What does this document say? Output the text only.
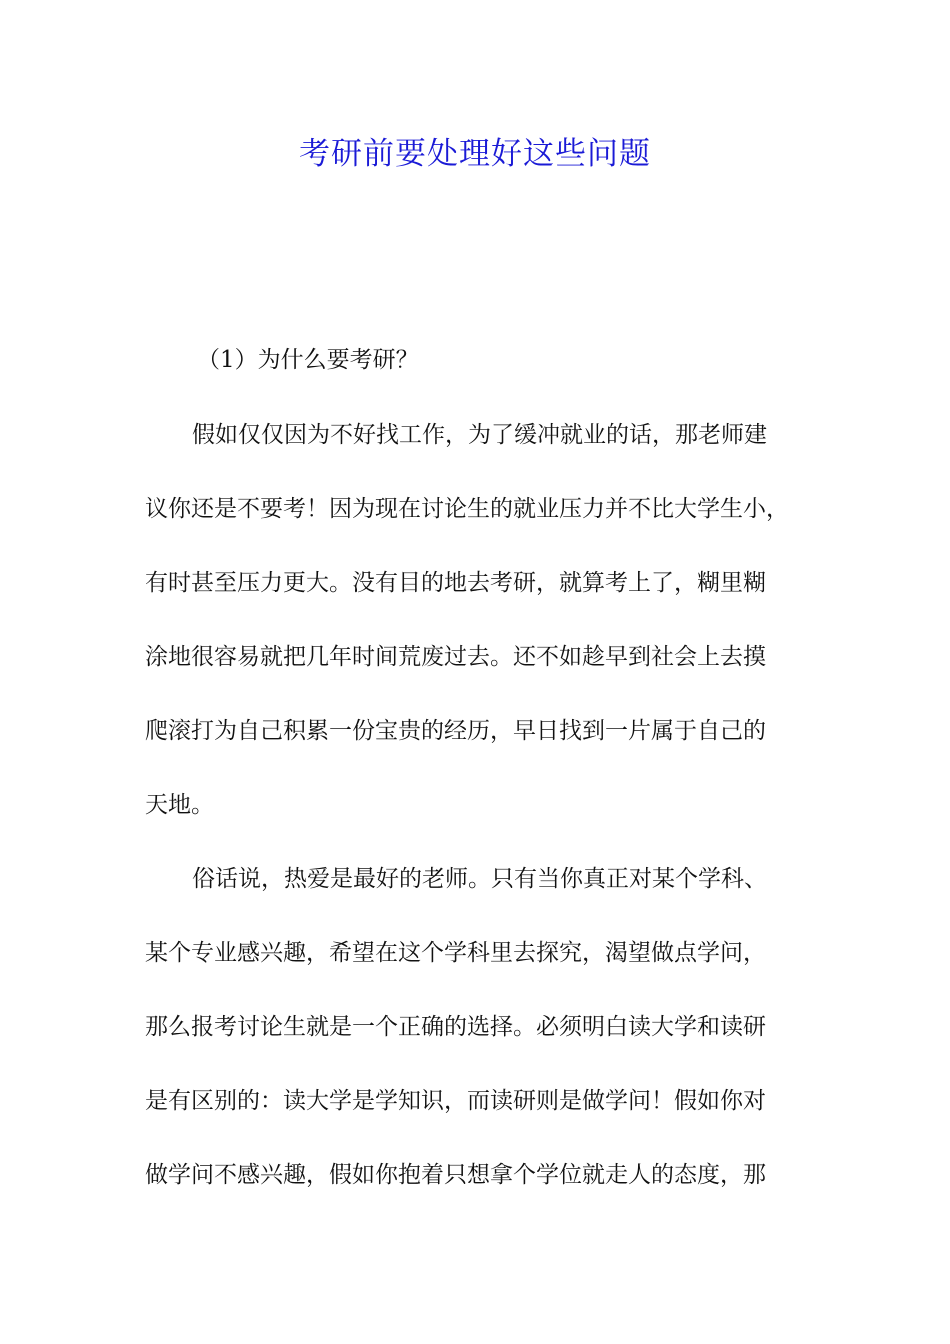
考研前要处理好这些问题

（1）为什么要考研？

假如仅仅因为不好找工作，为了缓冲就业的话，那老师建

议你还是不要考！因为现在讨论生的就业压力并不比大学生小，

有时甚至压力更大。没有目的地去考研，就算考上了，糊里糊

涂地很容易就把几年时间荒废过去。还不如趁早到社会上去摸

爬滚打为自己积累一份宝贵的经历，早日找到一片属于自己的

天地。

俗话说，热爱是最好的老师。只有当你真正对某个学科、

某个专业感兴趣，希望在这个学科里去探究，渴望做点学问，

那么报考讨论生就是一个正确的选择。必须明白读大学和读研

是有区别的：读大学是学知识，而读研则是做学问！假如你对

做学问不感兴趣，假如你抱着只想拿个学位就走人的态度，那
